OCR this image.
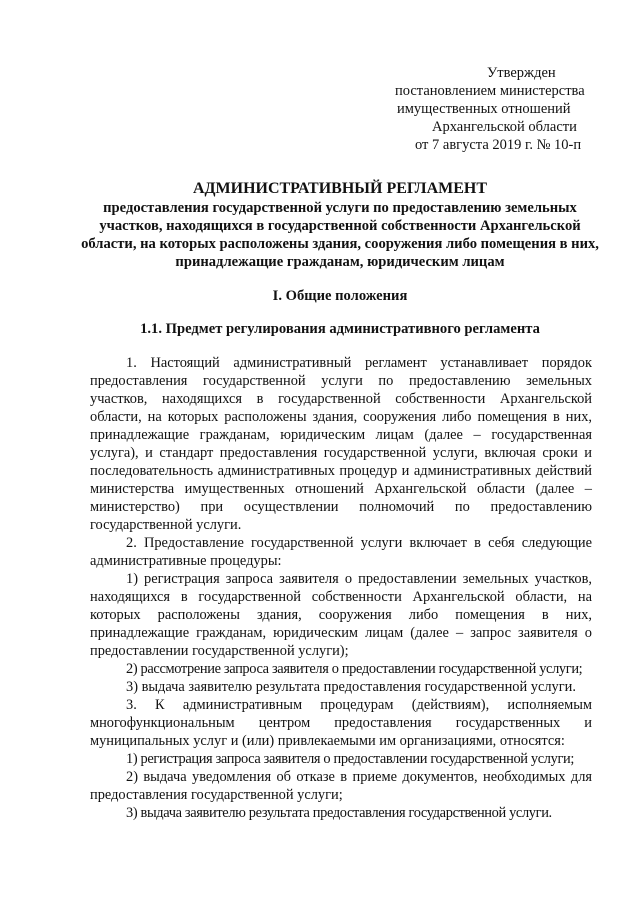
Утвержден
постановлением министерства
имущественных отношений
Архангельской области
от 7 августа 2019 г. № 10-п
АДМИНИСТРАТИВНЫЙ РЕГЛАМЕНТ
предоставления государственной услуги по предоставлению земельных участков, находящихся в государственной собственности Архангельской области, на которых расположены здания, сооружения либо помещения в них, принадлежащие гражданам, юридическим лицам
I. Общие положения
1.1. Предмет регулирования административного регламента

1. Настоящий административный регламент устанавливает порядок предоставления государственной услуги по предоставлению земельных участков, находящихся в государственной собственности Архангельской области, на которых расположены здания, сооружения либо помещения в них, принадлежащие гражданам, юридическим лицам (далее – государственная услуга), и стандарт предоставления государственной услуги, включая сроки и последовательность административных процедур и административных действий министерства имущественных отношений Архангельской области (далее – министерство) при осуществлении полномочий по предоставлению государственной услуги.

2. Предоставление государственной услуги включает в себя следующие административные процедуры:

1) регистрация запроса заявителя о предоставлении земельных участков, находящихся в государственной собственности Архангельской области, на которых расположены здания, сооружения либо помещения в них, принадлежащие гражданам, юридическим лицам (далее – запрос заявителя о предоставлении государственной услуги);

2) рассмотрение запроса заявителя о предоставлении государственной услуги;

3) выдача заявителю результата предоставления государственной услуги.

3. К административным процедурам (действиям), исполняемым многофункциональным центром предоставления государственных и муниципальных услуг и (или) привлекаемыми им организациями, относятся:

1) регистрация запроса заявителя о предоставлении государственной услуги;

2) выдача уведомления об отказе в приеме документов, необходимых для предоставления государственной услуги;

3) выдача заявителю результата предоставления государственной услуги.
